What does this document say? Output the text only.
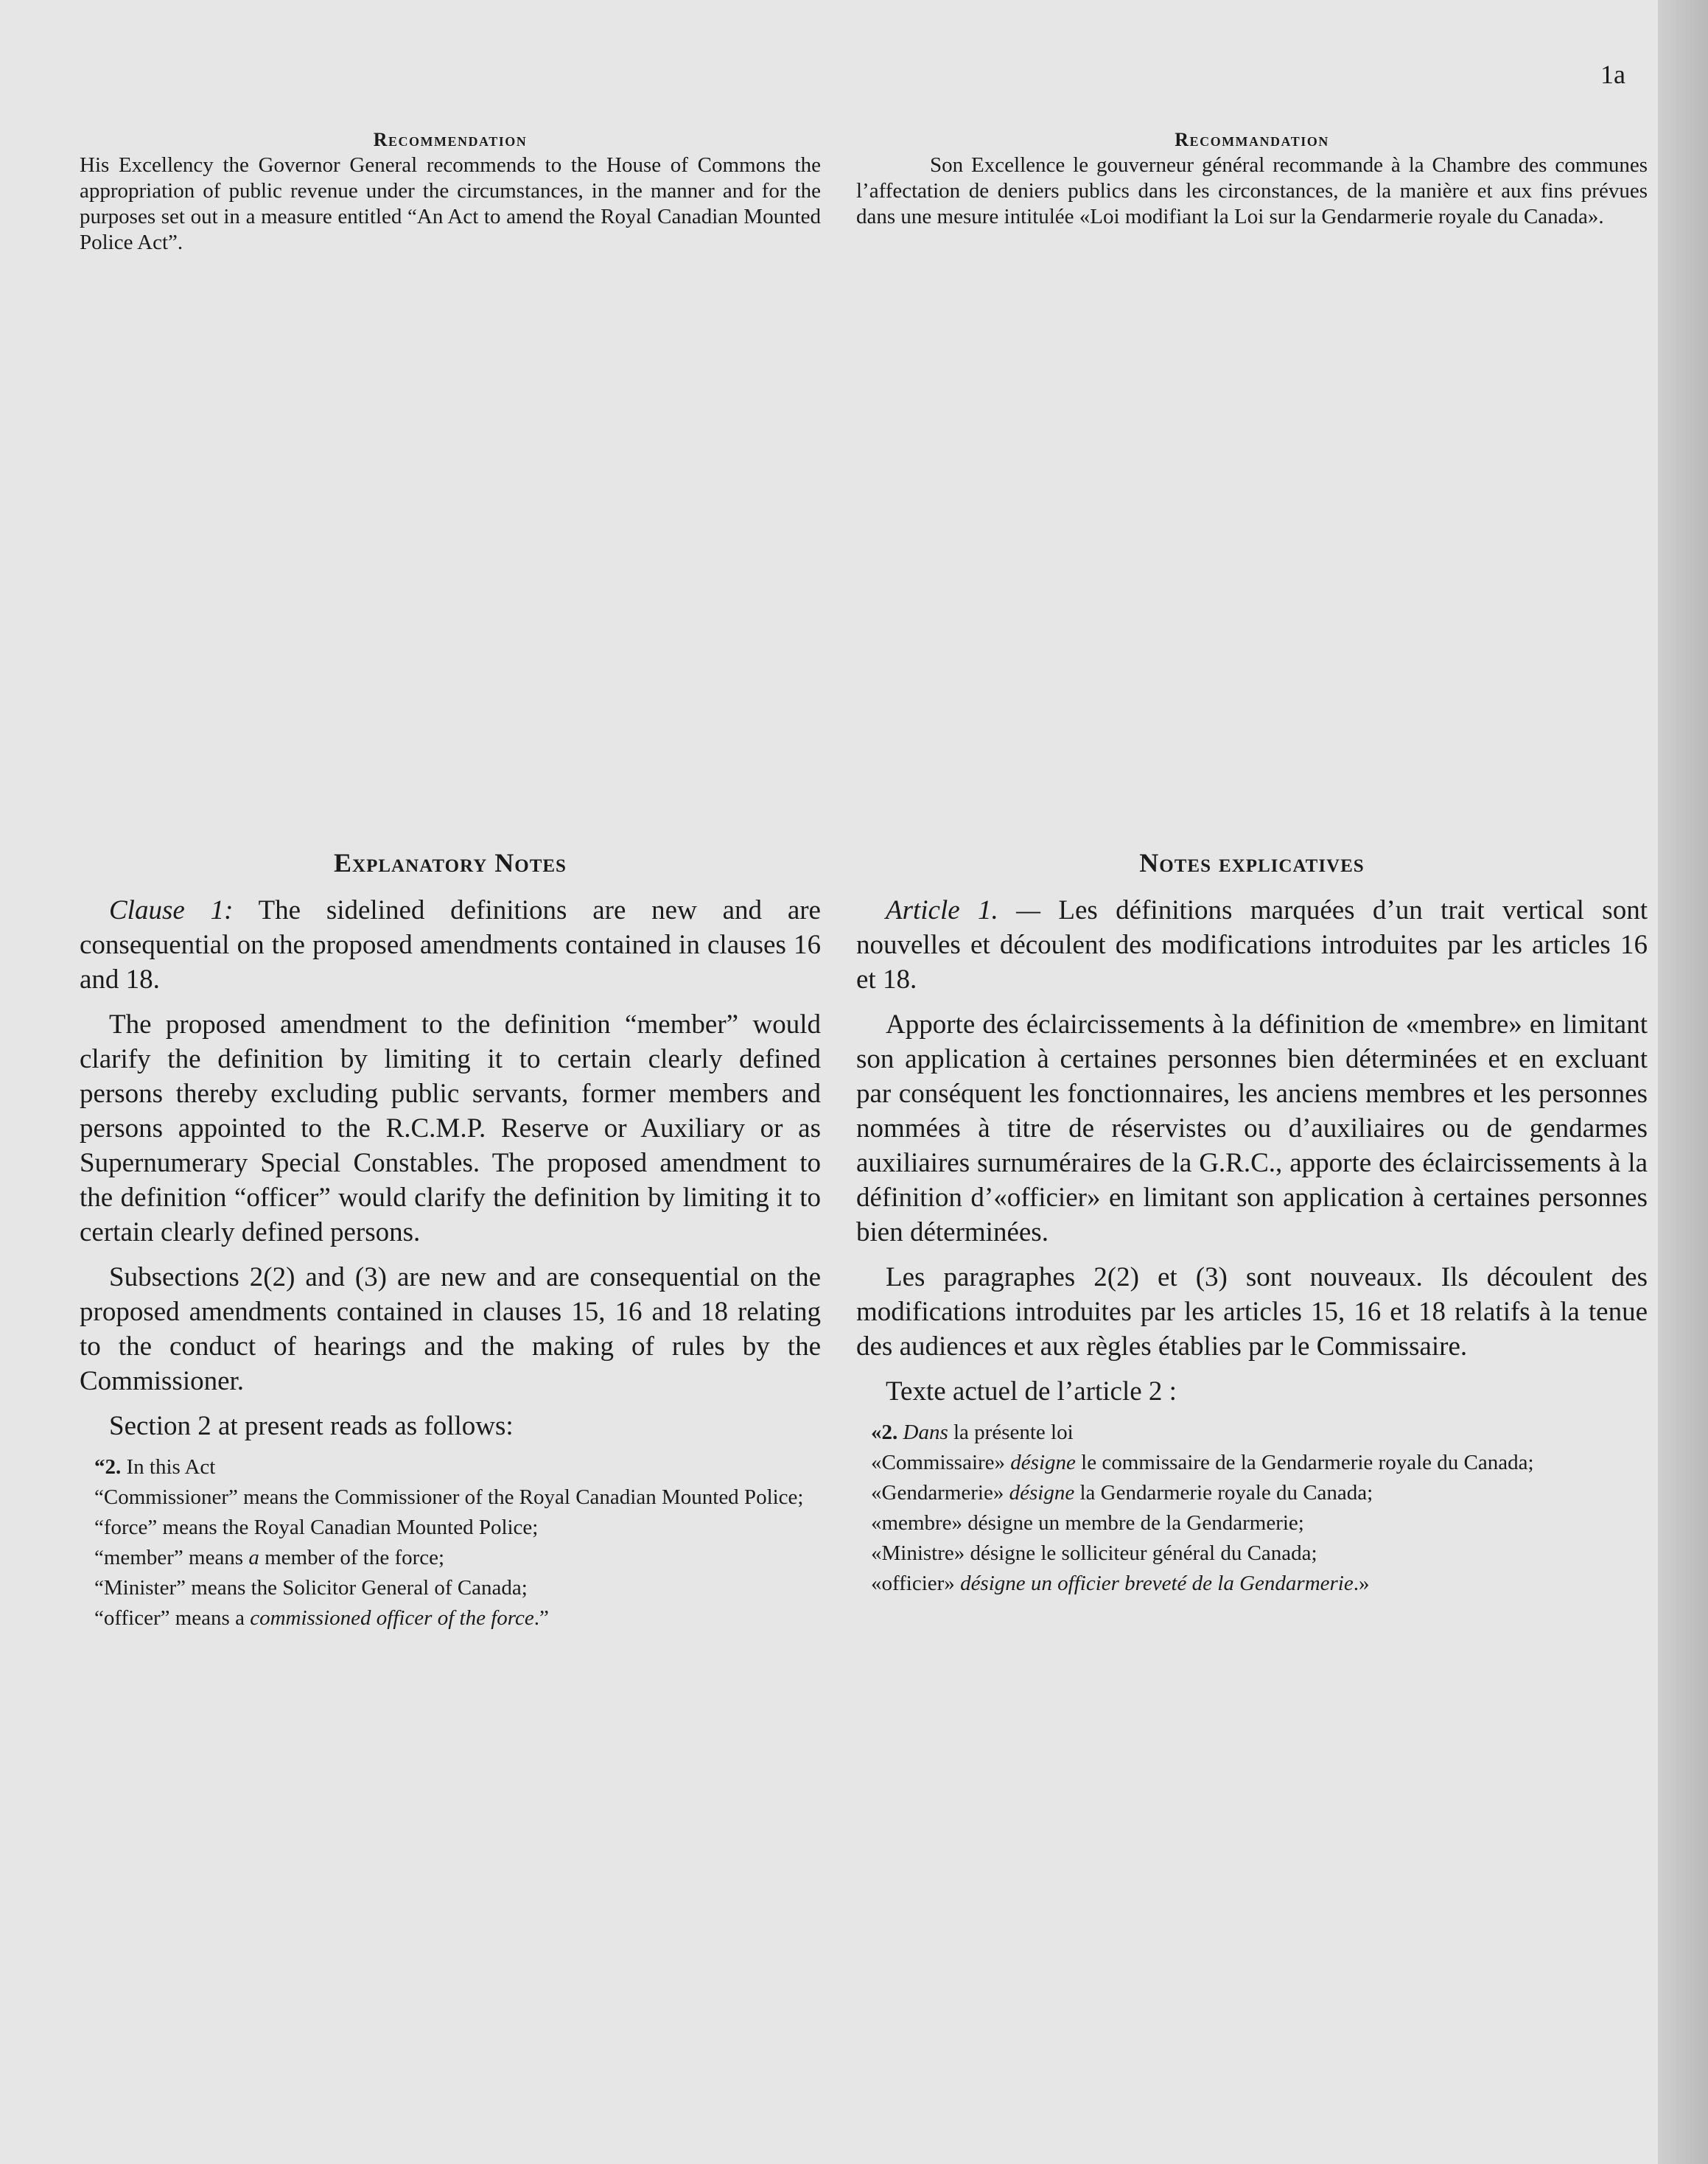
1a
Recommendation

His Excellency the Governor General recommends to the House of Commons the appropriation of public revenue under the circumstances, in the manner and for the purposes set out in a measure entitled “An Act to amend the Royal Canadian Mounted Police Act”.

Explanatory Notes

Clause 1: The sidelined definitions are new and are consequential on the proposed amendments contained in clauses 16 and 18.

The proposed amendment to the definition “member” would clarify the definition by limiting it to certain clearly defined persons thereby excluding public servants, former members and persons appointed to the R.C.M.P. Reserve or Auxiliary or as Supernumerary Special Constables. The proposed amendment to the definition “officer” would clarify the definition by limiting it to certain clearly defined persons.

Subsections 2(2) and (3) are new and are consequential on the proposed amendments contained in clauses 15, 16 and 18 relating to the conduct of hearings and the making of rules by the Commissioner.

Section 2 at present reads as follows:

“2. In this Act
“Commissioner” means the Commissioner of the Royal Canadian Mounted Police;
“force” means the Royal Canadian Mounted Police;
“member” means a member of the force;
“Minister” means the Solicitor General of Canada;
“officer” means a commissioned officer of the force.”
Recommandation

Son Excellence le gouverneur général recommande à la Chambre des communes l’affectation de deniers publics dans les circonstances, de la manière et aux fins prévues dans une mesure intitulée «Loi modifiant la Loi sur la Gendarmerie royale du Canada».

Notes explicatives

Article 1. — Les définitions marquées d’un trait vertical sont nouvelles et découlent des modifications introduites par les articles 16 et 18.

Apporte des éclaircissements à la définition de «membre» en limitant son application à certaines personnes bien déterminées et en excluant par conséquent les fonctionnaires, les anciens membres et les personnes nommées à titre de réservistes ou d’auxiliaires ou de gendarmes auxiliaires surnuméraires de la G.R.C., apporte des éclaircissements à la définition d’«officier» en limitant son application à certaines personnes bien déterminées.

Les paragraphes 2(2) et (3) sont nouveaux. Ils découlent des modifications introduites par les articles 15, 16 et 18 relatifs à la tenue des audiences et aux règles établies par le Commissaire.

Texte actuel de l’article 2 :

«2. Dans la présente loi
«Commissaire» désigne le commissaire de la Gendarmerie royale du Canada;
«Gendarmerie» désigne la Gendarmerie royale du Canada;
«membre» désigne un membre de la Gendarmerie;
«Ministre» désigne le solliciteur général du Canada;
«officier» désigne un officier breveté de la Gendarmerie.»
